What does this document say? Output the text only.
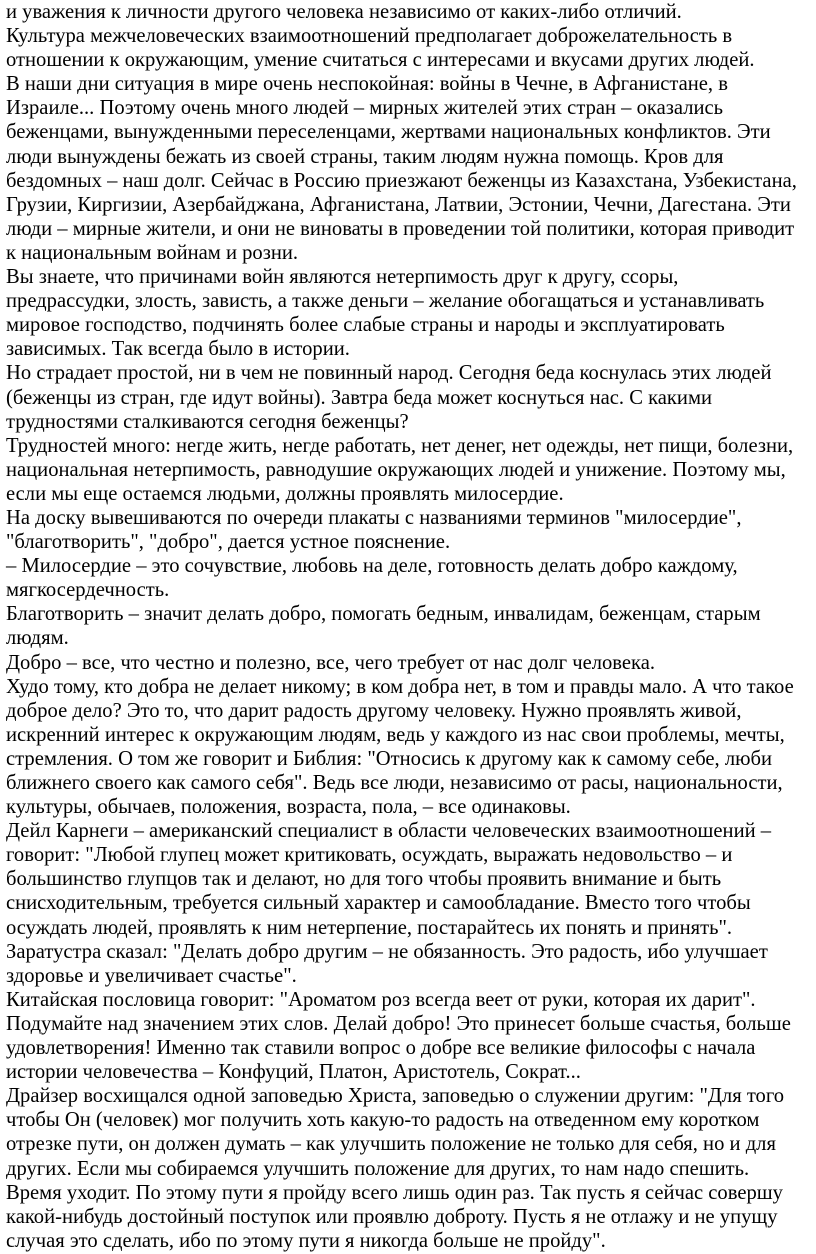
и уважения к личности другого человека независимо от каких-либо отличий.
Культура межчеловеческих взаимоотношений предполагает доброжелательность в
отношении к окружающим, умение считаться с интересами и вкусами других людей.
В наши дни ситуация в мире очень неспокойная: войны в Чечне, в Афганистане, в
Израиле... Поэтому очень много людей – мирных жителей этих стран – оказались
беженцами, вынужденными переселенцами, жертвами национальных конфликтов. Эти
люди вынуждены бежать из своей страны, таким людям нужна помощь. Кров для
бездомных – наш долг. Сейчас в Россию приезжают беженцы из Казахстана, Узбекистана,
Грузии, Киргизии, Азербайджана, Афганистана, Латвии, Эстонии, Чечни, Дагестана. Эти
люди – мирные жители, и они не виноваты в проведении той политики, которая приводит
к национальным войнам и розни.
Вы знаете, что причинами войн являются нетерпимость друг к другу, ссоры,
предрассудки, злость, зависть, а также деньги – желание обогащаться и устанавливать
мировое господство, подчинять более слабые страны и народы и эксплуатировать
зависимых. Так всегда было в истории.
Но страдает простой, ни в чем не повинный народ. Сегодня беда коснулась этих людей
(беженцы из стран, где идут войны). Завтра беда может коснуться нас. С какими
трудностями сталкиваются сегодня беженцы?
Трудностей много: негде жить, негде работать, нет денег, нет одежды, нет пищи, болезни,
национальная нетерпимость, равнодушие окружающих людей и унижение. Поэтому мы,
если мы еще остаемся людьми, должны проявлять милосердие.
На доску вывешиваются по очереди плакаты с названиями терминов "милосердие",
"благотворить", "добро", дается устное пояснение.
– Милосердие – это сочувствие, любовь на деле, готовность делать добро каждому,
мягкосердечность.
Благотворить – значит делать добро, помогать бедным, инвалидам, беженцам, старым
людям.
Добро – все, что честно и полезно, все, чего требует от нас долг человека.
Худо тому, кто добра не делает никому; в ком добра нет, в том и правды мало. А что такое
доброе дело? Это то, что дарит радость другому человеку. Нужно проявлять живой,
искренний интерес к окружающим людям, ведь у каждого из нас свои проблемы, мечты,
стремления. О том же говорит и Библия: "Относись к другому как к самому себе, люби
ближнего своего как самого себя". Ведь все люди, независимо от расы, национальности,
культуры, обычаев, положения, возраста, пола, – все одинаковы.
Дейл Карнеги – американский специалист в области человеческих взаимоотношений –
говорит: "Любой глупец может критиковать, осуждать, выражать недовольство – и
большинство глупцов так и делают, но для того чтобы проявить внимание и быть
снисходительным, требуется сильный характер и самообладание. Вместо того чтобы
осуждать людей, проявлять к ним нетерпение, постарайтесь их понять и принять".
Заратустра сказал: "Делать добро другим – не обязанность. Это радость, ибо улучшает
здоровье и увеличивает счастье".
Китайская пословица говорит: "Ароматом роз всегда веет от руки, которая их дарит".
Подумайте над значением этих слов. Делай добро! Это принесет больше счастья, больше
удовлетворения! Именно так ставили вопрос о добре все великие философы с начала
истории человечества – Конфуций, Платон, Аристотель, Сократ...
Драйзер восхищался одной заповедью Христа, заповедью о служении другим: "Для того
чтобы Он (человек) мог получить хоть какую-то радость на отведенном ему коротком
отрезке пути, он должен думать – как улучшить положение не только для себя, но и для
других. Если мы собираемся улучшить положение для других, то нам надо спешить.
Время уходит. По этому пути я пройду всего лишь один раз. Так пусть я сейчас совершу
какой-нибудь достойный поступок или проявлю доброту. Пусть я не отлажу и не упущу
случая это сделать, ибо по этому пути я никогда больше не пройду".
